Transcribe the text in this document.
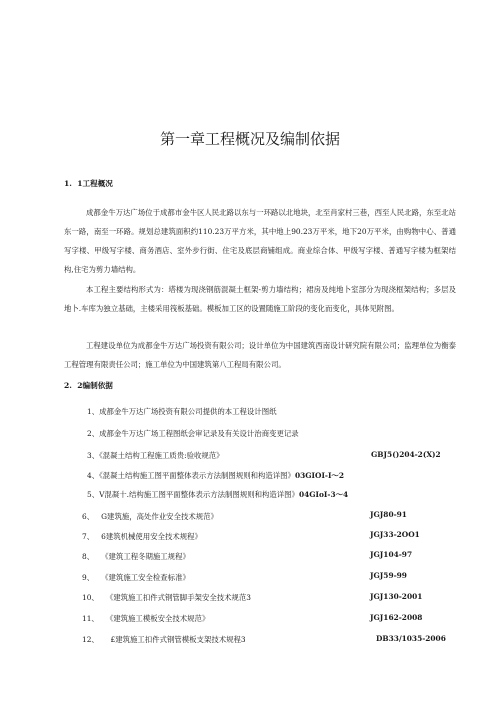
第一章工程概况及编制依据
1. 1工程概况
成都金牛万达广场位于成都市金牛区人民北路以东与一环路以北地块，北至肖家村三巷，西至人民北路，东至北站东一路，南至一环路。规划总建筑面积约110.23万平方米，其中地上90.23万平米，地下20万平米，由购物中心、普通写字楼、甲级写字楼、商务酒店、室外步行街、住宅及底层商铺组成。商业综合体、甲级写字楼、普通写字楼为框架结构,住宅为剪力墙结构。
本工程主要结构形式为：塔楼为现浇钢筋混凝土框架-剪力墙结构；裙房及纯地卜室部分为现浇框架结构；多层及地卜.车库为独立基础，主楼采用筏板基础。模板加工区的设置随施工阶段的变化而变化，具体见附图。
工程建设单位为成都金牛万达广场投资有限公司；设计单位为中国建筑西南设计研究院有限公司；监理单位为衡泰工程管理有限责任公司；施工单位为中国建筑第八工程局有限公司。
2. 2编制依据
1、成都金牛万达广场投资有限公司提供的本工程设计图纸
2、成都金牛万达广场工程图纸会审记录及有关设计治商变更记录
3、《混凝土结构工程施工质贵:验收规范》	GBJ5()204-2(X)2
4、《混凝土结构施工图平面整体表示方法制图规则和构造详图》03GIOI-I～2
5、V混凝十.结构施工图平面整体表示方法制图规则和构造详图》04GIoI-3～4
6、 G建筑施，高处作业安全技术规范》	JGJ80-91
7、 6建筑机械使用安全技术规程》	JGJ33-2OO1
8、 《建筑工程冬期施工规程》	JGJ104-97
9、 《建筑施工安全检查标准》	JGJ59-99
10、 《建筑施工扣件式钢管脚手架安全技术规范3	JGJ130-2001
11、 《建筑施工模板安全技术规范》	JGJ162-2008
12、 £建筑施工扣件式钢管模板支架技术规程3	DB33/1035-2006
